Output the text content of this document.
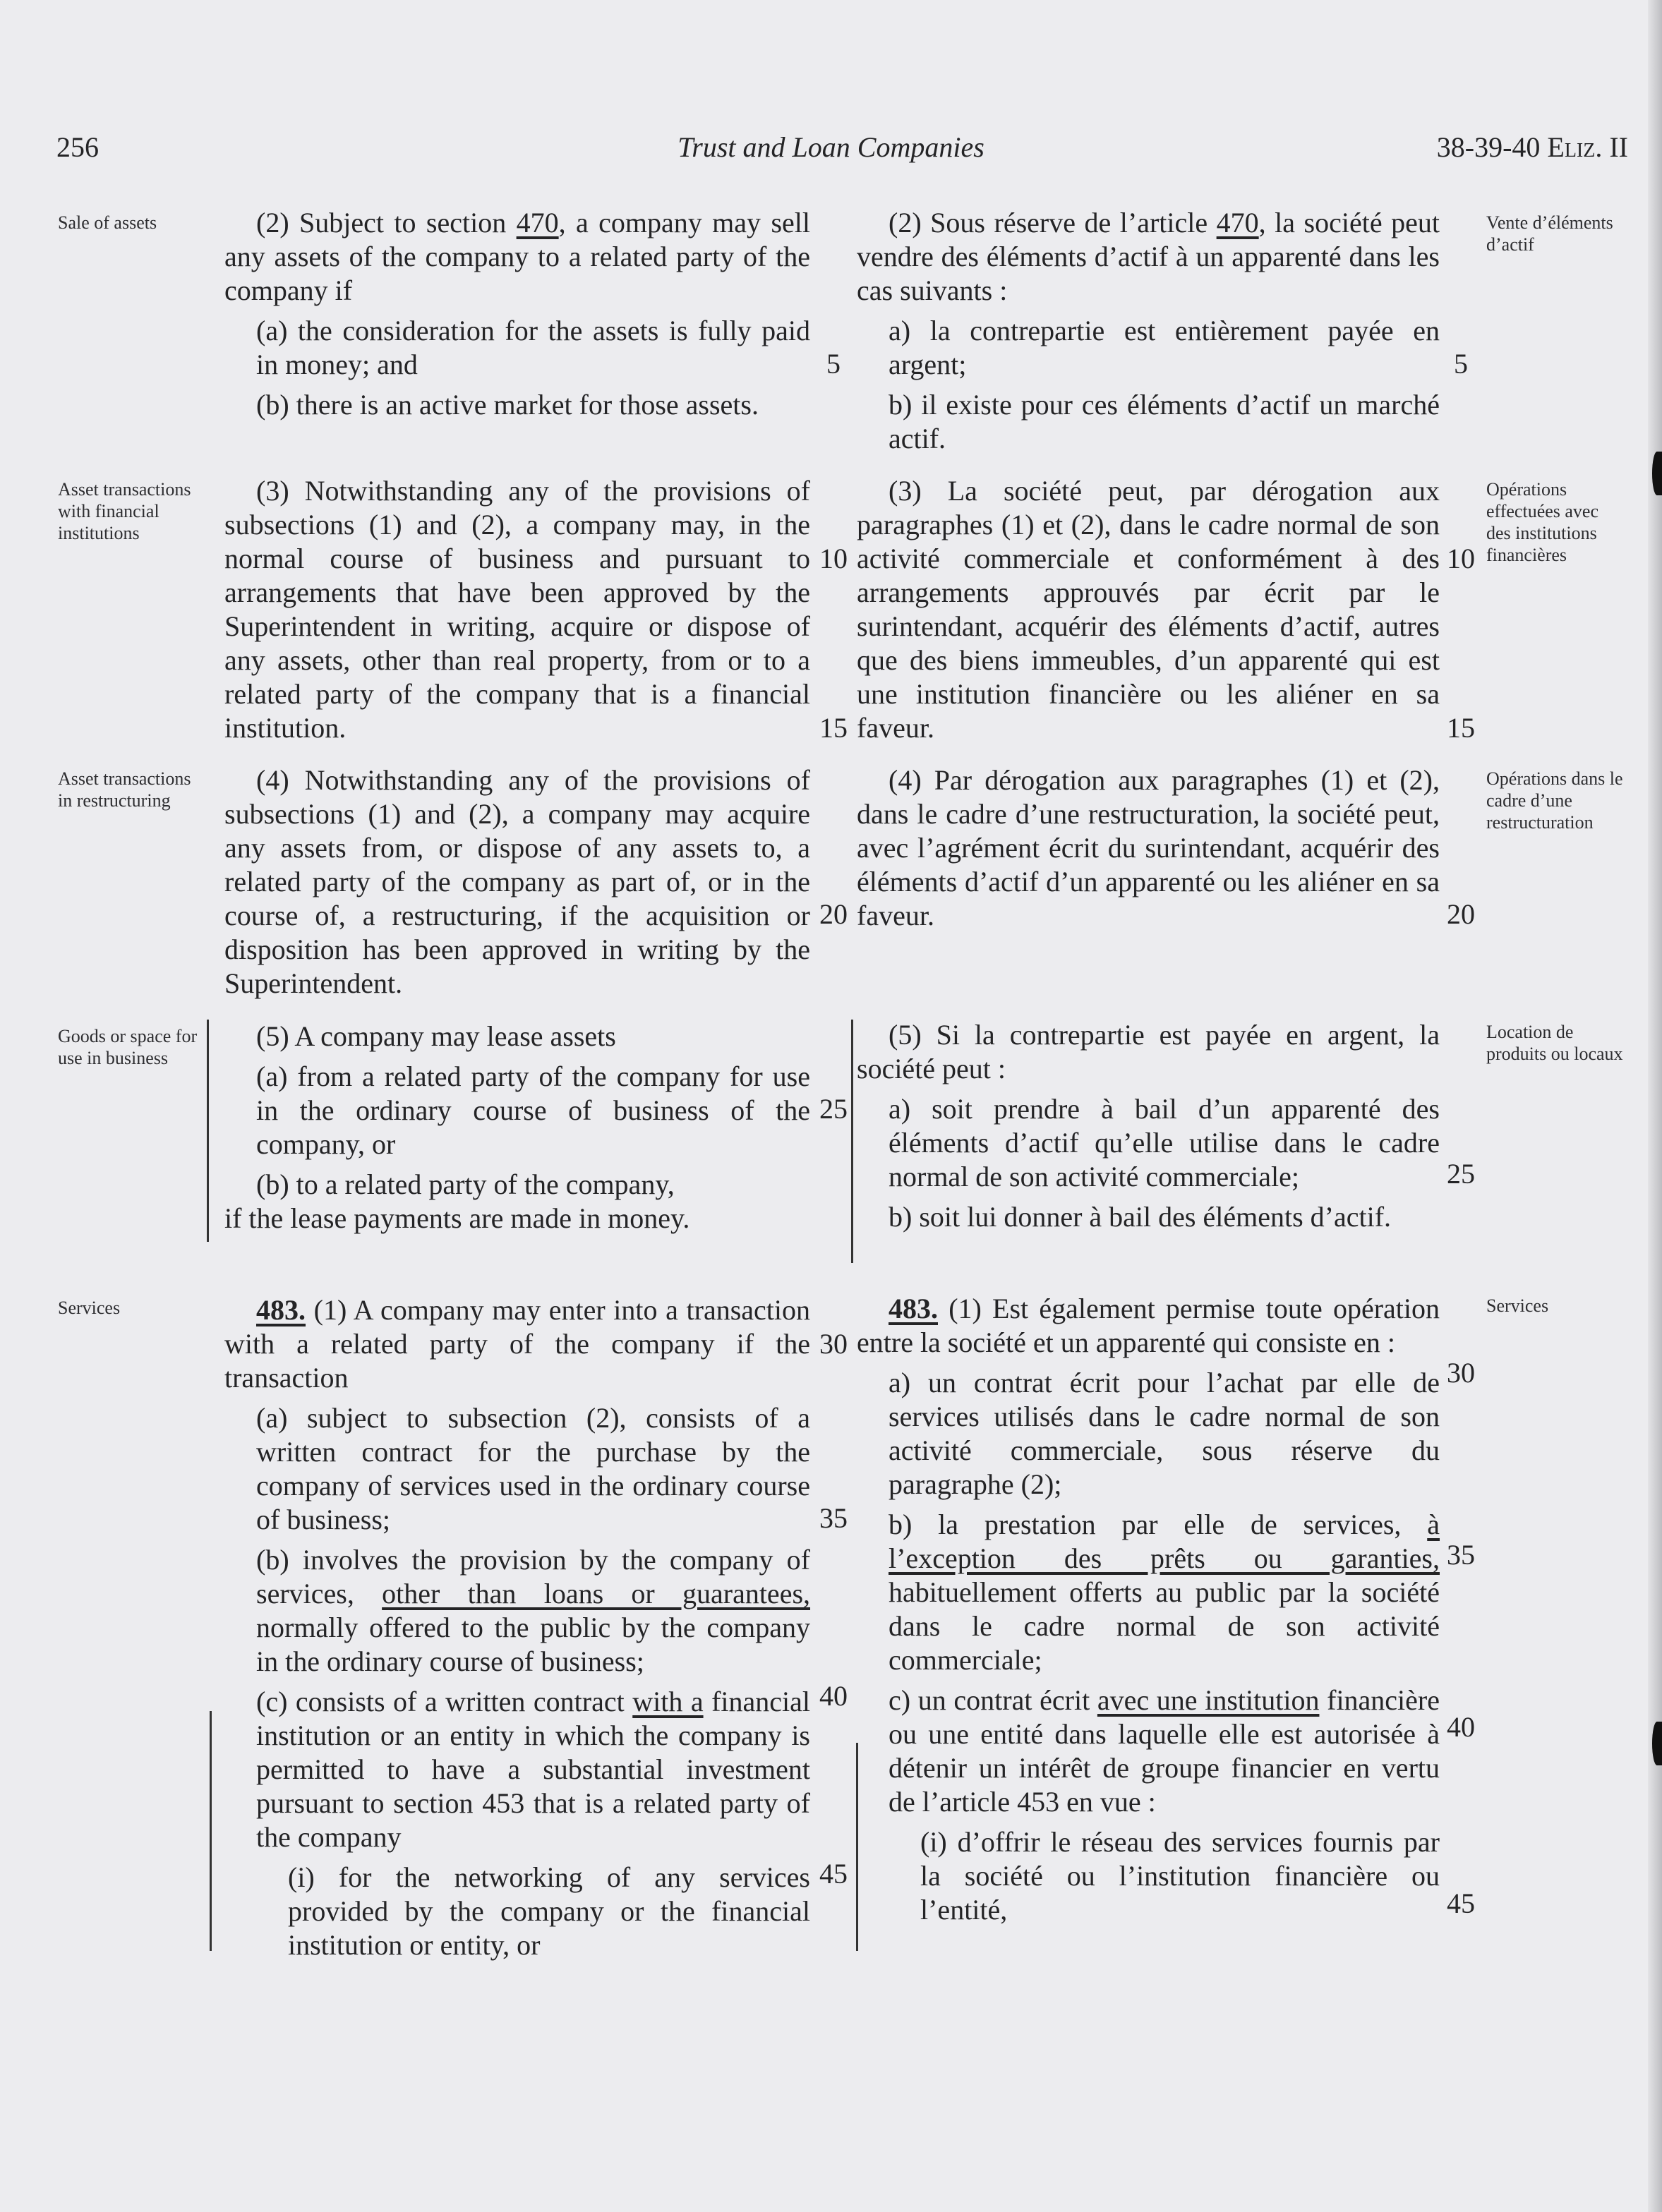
256	Trust and Loan Companies	38-39-40 Eliz. II
Sale of assets
Asset transactions with financial institutions
Asset transactions in restructuring
Goods or space for use in business
Services
Vente d’éléments d’actif
Opérations effectuées avec des institutions financières
Opérations dans le cadre d’une restructuration
Location de produits ou locaux
Services

(2) Subject to section 470, a company may sell any assets of the company to a related party of the company if

(a) the consideration for the assets is fully paid in money; and

(b) there is an active market for those assets.

(3) Notwithstanding any of the provisions of subsections (1) and (2), a company may, in the normal course of business and pursuant to arrangements that have been approved by the Superintendent in writing, acquire or dispose of any assets, other than real property, from or to a related party of the company that is a financial institution.

(4) Notwithstanding any of the provisions of subsections (1) and (2), a company may acquire any assets from, or dispose of any assets to, a related party of the company as part of, or in the course of, a restructuring, if the acquisition or disposition has been approved in writing by the Superintendent.

(5) A company may lease assets

(a) from a related party of the company for use in the ordinary course of business of the company, or

(b) to a related party of the company,

if the lease payments are made in money.

483. (1) A company may enter into a transaction with a related party of the company if the transaction

(a) subject to subsection (2), consists of a written contract for the purchase by the company of services used in the ordinary course of business;

(b) involves the provision by the company of services, other than loans or guarantees, normally offered to the public by the company in the ordinary course of business;

(c) consists of a written contract with a financial institution or an entity in which the company is permitted to have a substantial investment pursuant to section 453 that is a related party of the company

(i) for the networking of any services provided by the company or the financial institution or entity, or

(2) Sous réserve de l’article 470, la société peut vendre des éléments d’actif à un apparenté dans les cas suivants :

a) la contrepartie est entièrement payée en argent;

b) il existe pour ces éléments d’actif un marché actif.

(3) La société peut, par dérogation aux paragraphes (1) et (2), dans le cadre normal de son activité commerciale et conformément à des arrangements approuvés par écrit par le surintendant, acquérir des éléments d’actif, autres que des biens immeubles, d’un apparenté qui est une institution financière ou les aliéner en sa faveur.

(4) Par dérogation aux paragraphes (1) et (2), dans le cadre d’une restructuration, la société peut, avec l’agrément écrit du surintendant, acquérir des éléments d’actif d’un apparenté ou les aliéner en sa faveur.

(5) Si la contrepartie est payée en argent, la société peut :

a) soit prendre à bail d’un apparenté des éléments d’actif qu’elle utilise dans le cadre normal de son activité commerciale;

b) soit lui donner à bail des éléments d’actif.

483. (1) Est également permise toute opération entre la société et un apparenté qui consiste en :

a) un contrat écrit pour l’achat par elle de services utilisés dans le cadre normal de son activité commerciale, sous réserve du paragraphe (2);

b) la prestation par elle de services, à l’exception des prêts ou garanties, habituellement offerts au public par la société dans le cadre normal de son activité commerciale;

c) un contrat écrit avec une institution financière ou une entité dans laquelle elle est autorisée à détenir un intérêt de groupe financier en vertu de l’article 453 en vue :

(i) d’offrir le réseau des services fournis par la société ou l’institution financière ou l’entité,

5
10
15
20
25
30
35
40
45
5
10
15
20
25
30
35
40
45
